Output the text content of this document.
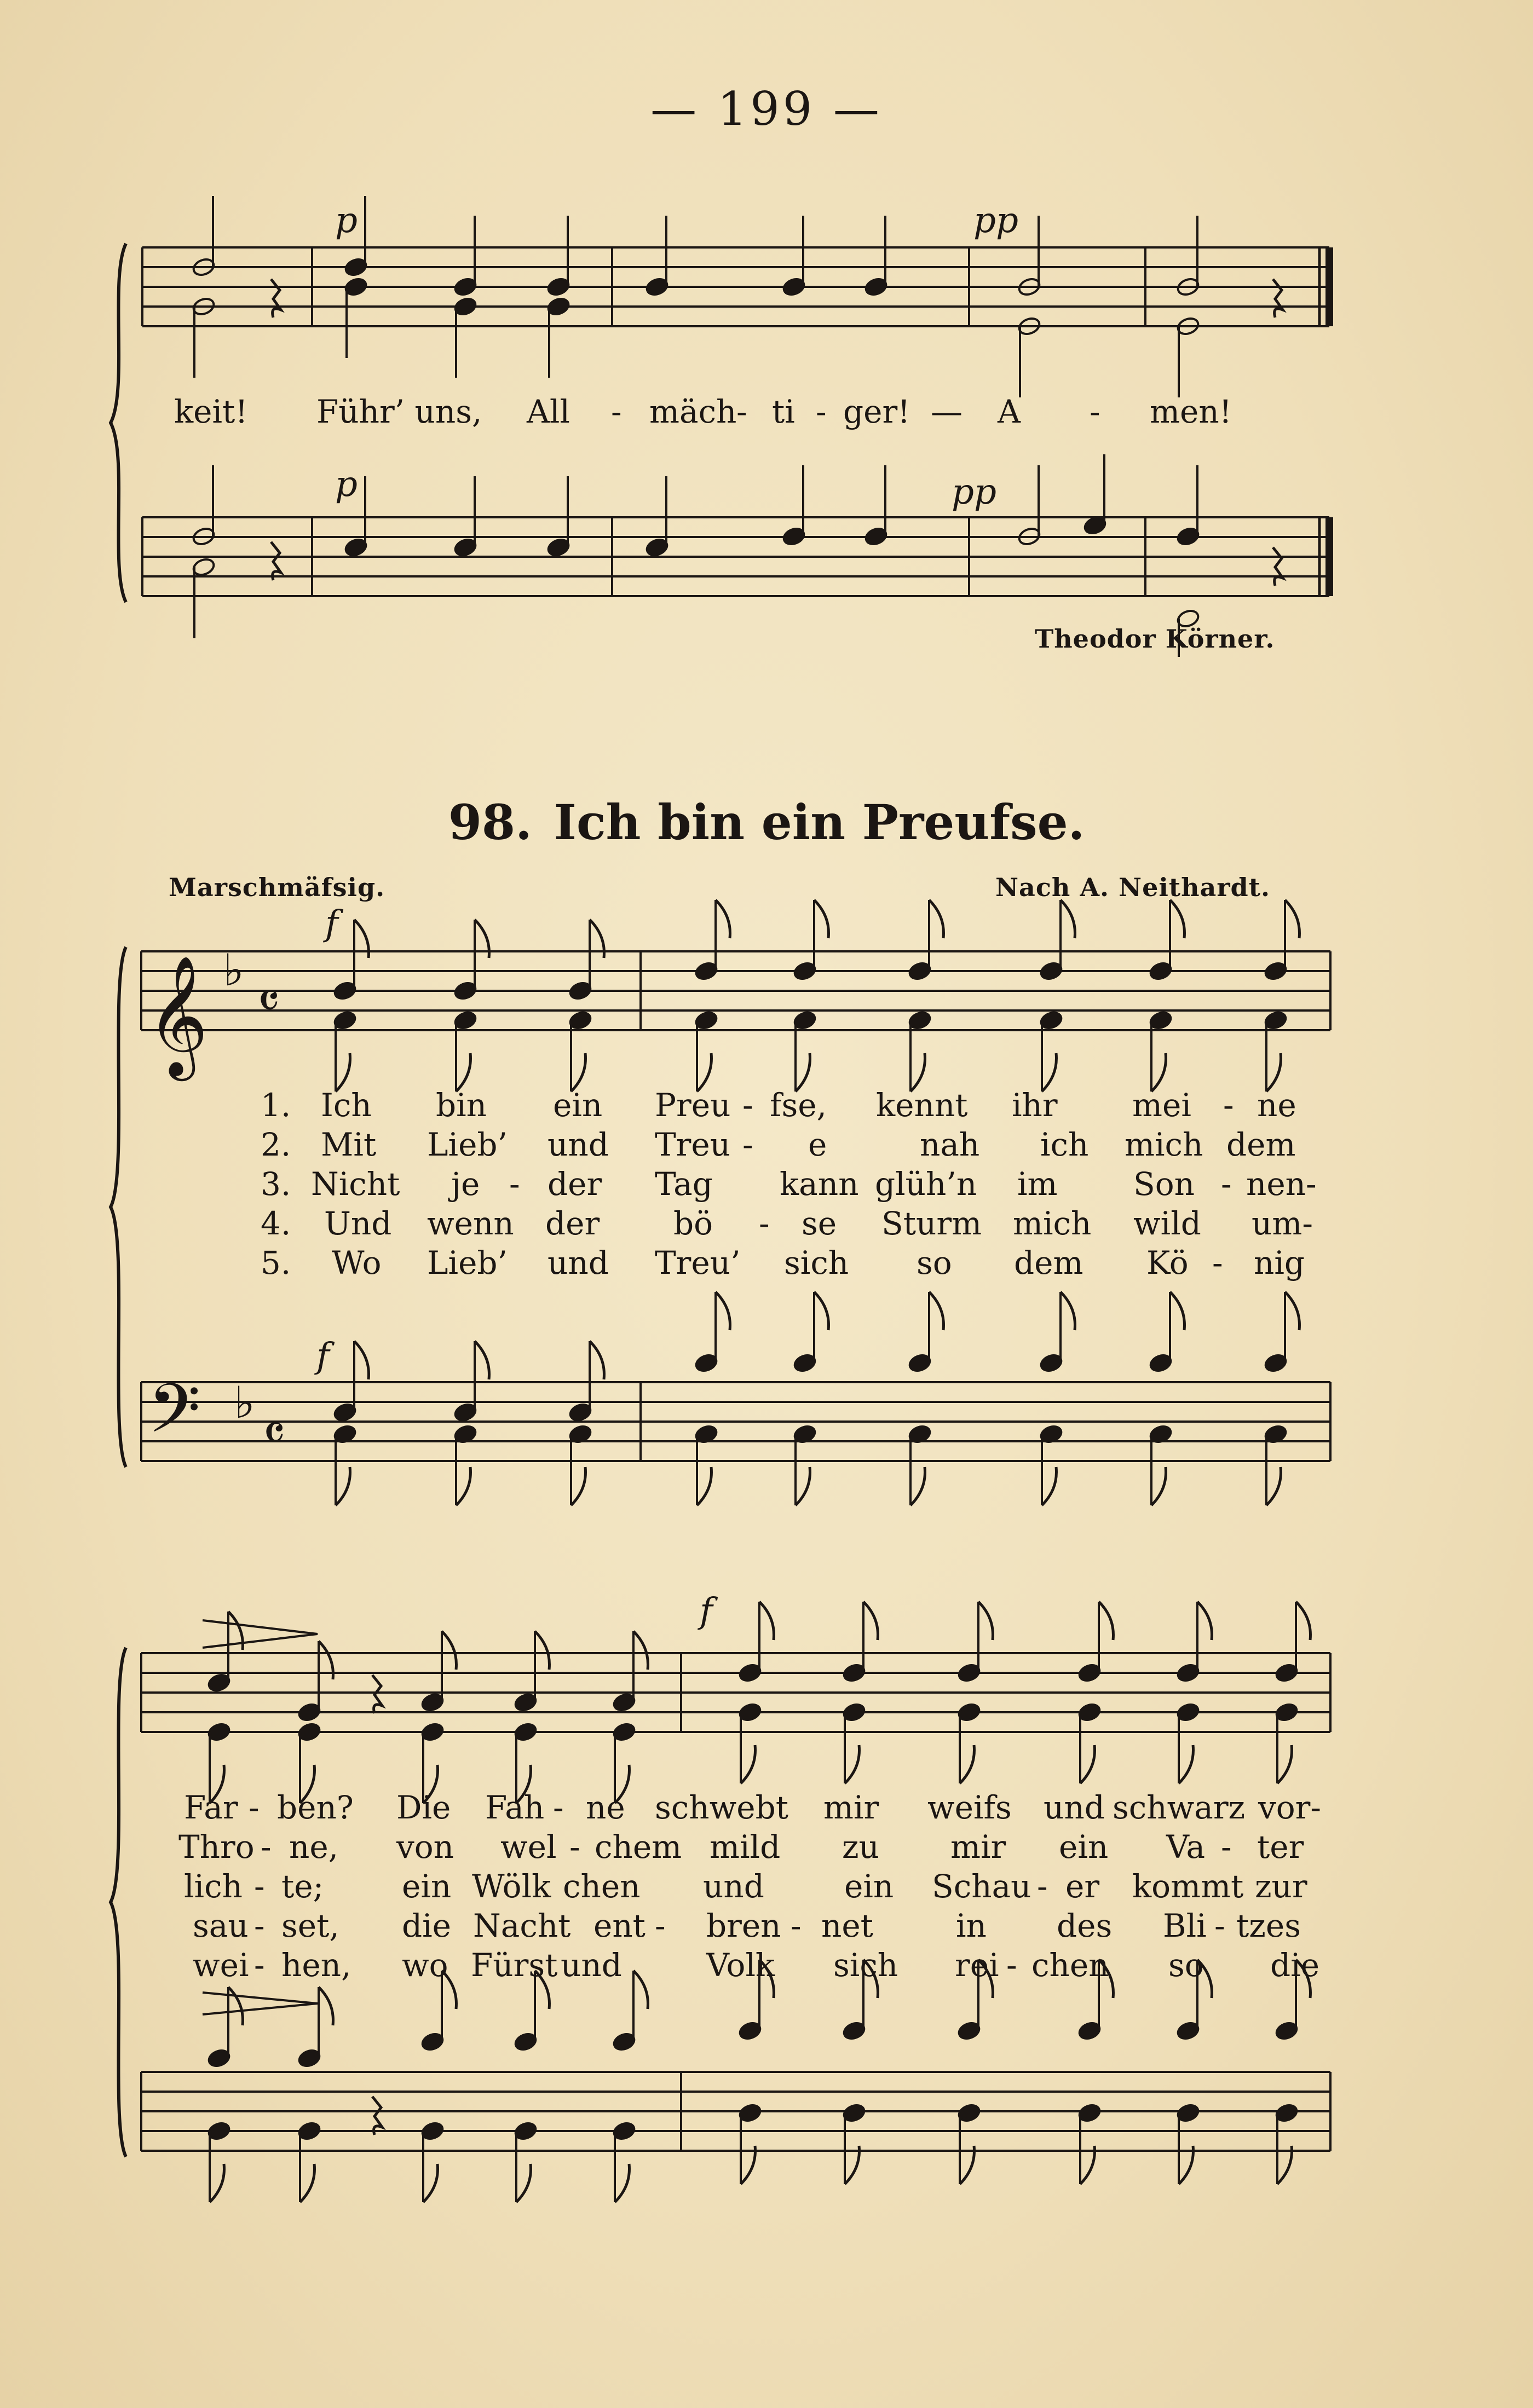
— 199 —
p	pp
p	pp
keit! Führ’ uns, All - mäch - ti - ger! — A - men!
Theodor Körner.
98. Ich bin ein Preufse.
Marschmäfsig.	Nach A. Neithardt.
𝄞
𝄢
♭
♭
𝄴
𝄴
f
f
1. Ich bin ein Preu - fse, kennt ihr mei - ne
2. Mit Lieb’ und Treu - e	nah ich mich dem
3. Nicht je - der Tag kann glüh’n im Son - nen-
4. Und wenn der bö - se Sturm mich wild um-
5. Wo Lieb’ und Treu’ sich so dem Kö - nig
f
Far - ben? Die Fah - ne schwebt mir weifs und schwarz vor-
Thro - ne, von wel - chem mild zu mir ein Va - ter
lich - te; ein Wölk chen und	ein Schau - er kommt zur
sau - set, die Nacht ent - bren - net	in des Bli - tzes
wei - hen, wo Fürst und	Volk sich rei - chen so die
